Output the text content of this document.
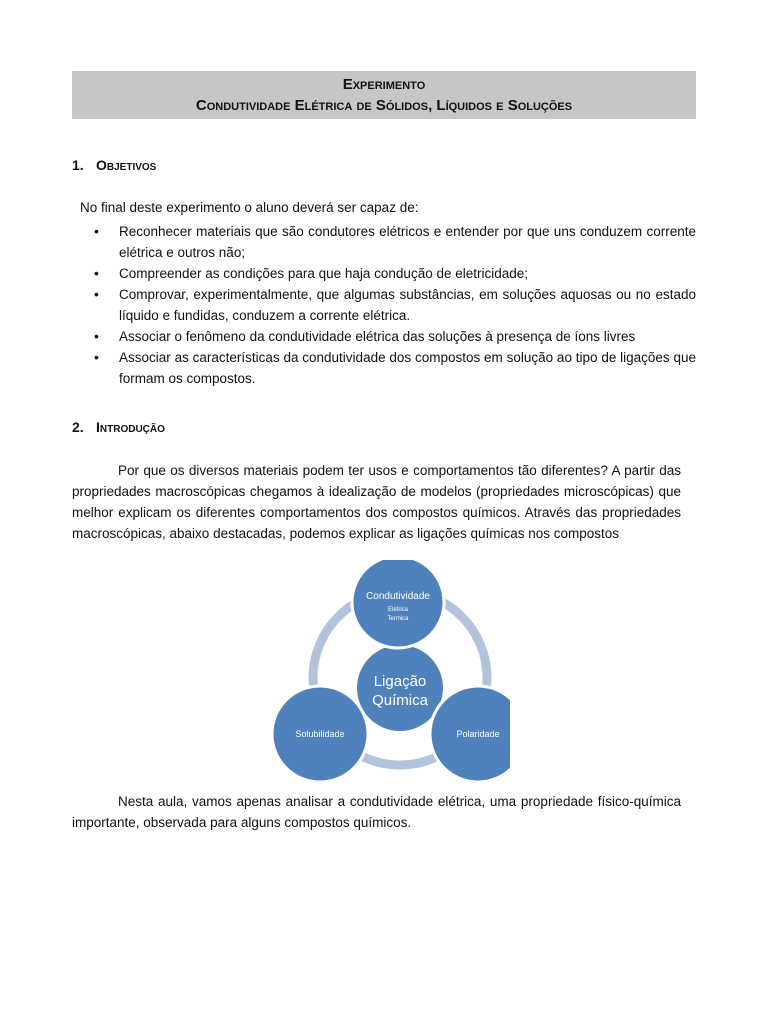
Experimento
Condutividade Elétrica de Sólidos, Líquidos e Soluções
1. Objetivos
No final deste experimento o aluno deverá ser capaz de:
• Reconhecer materiais que são condutores elétricos e entender por que uns conduzem corrente elétrica e outros não;
• Compreender as condições para que haja condução de eletricidade;
• Comprovar, experimentalmente, que algumas substâncias, em soluções aquosas ou no estado líquido e fundidas, conduzem a corrente elétrica.
• Associar o fenômeno da condutividade elétrica das soluções à presença de íons livres
• Associar as características da condutividade dos compostos em solução ao tipo de ligações que formam os compostos.
2. Introdução
Por que os diversos materiais podem ter usos e comportamentos tão diferentes? A partir das propriedades macroscópicas chegamos à idealização de modelos (propriedades microscópicas) que melhor explicam os diferentes comportamentos dos compostos químicos. Através das propriedades macroscópicas, abaixo destacadas, podemos explicar as ligações químicas nos compostos
Ligação
Química
Condutividade
Elétrica
Termica
Solubilidade	Polaridade
Nesta aula, vamos apenas analisar a condutividade elétrica, uma propriedade físico-química importante, observada para alguns compostos químicos.
